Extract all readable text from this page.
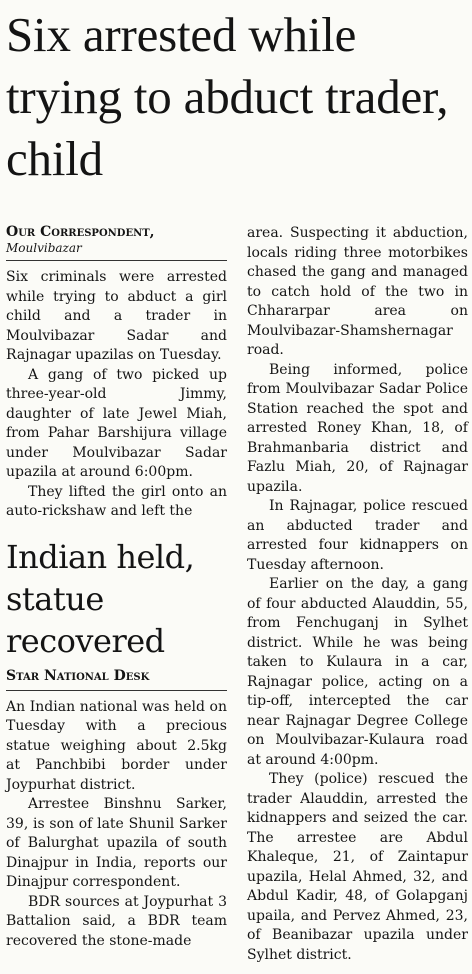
Six arrested while trying to abduct trader, child
Our Correspondent,
Moulvibazar

Six criminals were arrested while trying to abduct a girl child and a trader in Moulvibazar Sadar and Rajnagar upazilas on Tuesday.

A gang of two picked up three-year-old Jimmy, daughter of late Jewel Miah, from Pahar Barshijura village under Moulvibazar Sadar upazila at around 6:00pm.

They lifted the girl onto an auto-rickshaw and left the

Indian held, statue recovered
Star National Desk

An Indian national was held on Tuesday with a precious statue weighing about 2.5kg at Panchbibi border under Joypurhat district.

Arrestee Binshnu Sarker, 39, is son of late Shunil Sarker of Balurghat upazila of south Dinajpur in India, reports our Dinajpur correspondent.

BDR sources at Joypurhat 3 Battalion said, a BDR team recovered the stone-made

area. Suspecting it abduction, locals riding three motorbikes chased the gang and managed to catch hold of the two in Chhararpar area on Moulvibazar-Shamshernagar road.

Being informed, police from Moulvibazar Sadar Police Station reached the spot and arrested Roney Khan, 18, of Brahmanbaria district and Fazlu Miah, 20, of Rajnagar upazila.

In Rajnagar, police rescued an abducted trader and arrested four kidnappers on Tuesday afternoon.

Earlier on the day, a gang of four abducted Alauddin, 55, from Fenchuganj in Sylhet district. While he was being taken to Kulaura in a car, Rajnagar police, acting on a tip-off, intercepted the car near Rajnagar Degree College on Moulvibazar-Kulaura road at around 4:00pm.

They (police) rescued the trader Alauddin, arrested the kidnappers and seized the car. The arrestee are Abdul Khaleque, 21, of Zaintapur upazila, Helal Ahmed, 32, and Abdul Kadir, 48, of Golapganj upaila, and Pervez Ahmed, 23, of Beanibazar upazila under Sylhet district.
